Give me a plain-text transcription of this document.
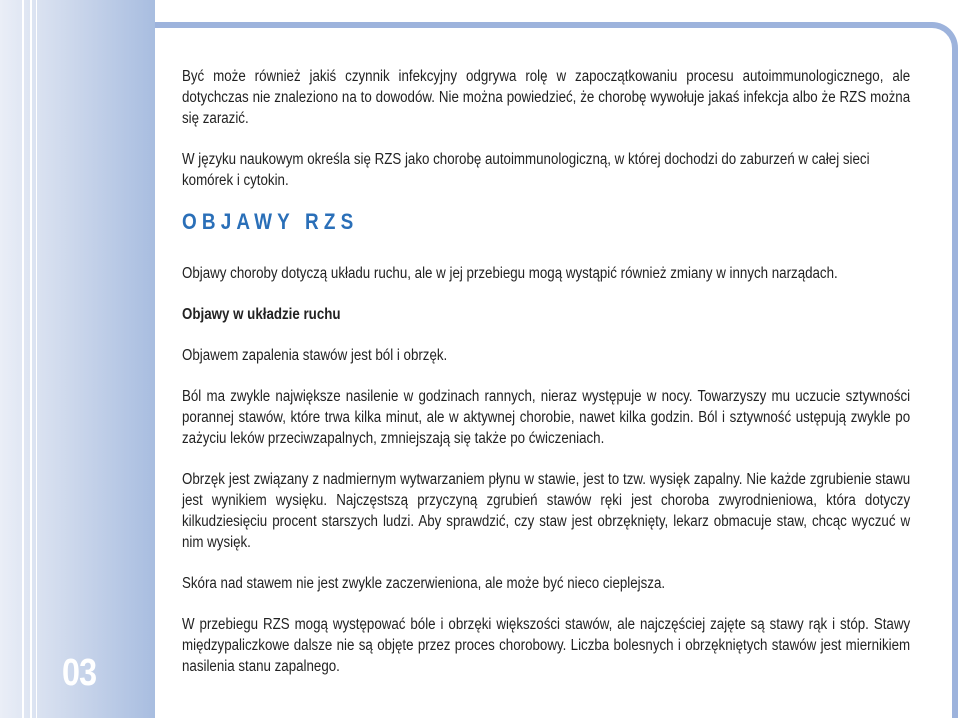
03

Być może również jakiś czynnik infekcyjny odgrywa rolę w zapoczątkowaniu procesu autoimmunologicznego, ale dotychczas nie znaleziono na to dowodów. Nie można powiedzieć, że chorobę wywołuje jakaś infekcja albo że RZS można się zarazić.

W języku naukowym określa się RZS jako chorobę autoimmunologiczną, w której dochodzi do zaburzeń w całej sieci komórek i cytokin.

OBJAWY RZS

Objawy choroby dotyczą układu ruchu, ale w jej przebiegu mogą wystąpić również zmiany w innych narządach.

Objawy w układzie ruchu

Objawem zapalenia stawów jest ból i obrzęk.

Ból ma zwykle największe nasilenie w godzinach rannych, nieraz występuje w nocy. Towarzyszy mu uczucie sztywności porannej stawów, które trwa kilka minut, ale w aktywnej chorobie, nawet kilka godzin. Ból i sztywność ustępują zwykle po zażyciu leków przeciwzapalnych, zmniejszają się także po ćwiczeniach.

Obrzęk jest związany z nadmiernym wytwarzaniem płynu w stawie, jest to tzw. wysięk zapalny. Nie każde zgrubienie stawu jest wynikiem wysięku. Najczęstszą przyczyną zgrubień stawów ręki jest choroba zwyrodnieniowa, która dotyczy kilkudziesięciu procent starszych ludzi. Aby sprawdzić, czy staw jest obrzęknięty, lekarz obmacuje staw, chcąc wyczuć w nim wysięk.

Skóra nad stawem nie jest zwykle zaczerwieniona, ale może być nieco cieplejsza.

W przebiegu RZS mogą występować bóle i obrzęki większości stawów, ale najczęściej zajęte są stawy rąk i stóp. Stawy międzypaliczkowe dalsze nie są objęte przez proces chorobowy. Liczba bolesnych i obrzękniętych stawów jest miernikiem nasilenia stanu zapalnego.
